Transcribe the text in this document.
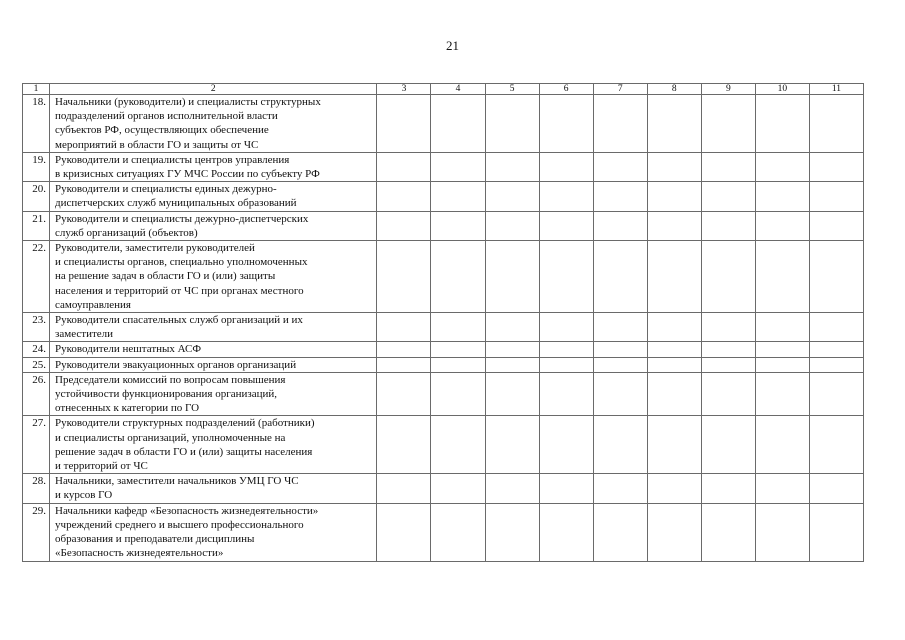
21
1	2	3	4	5	6	7	8	9	10	11
18.	Начальники (руководители) и специалисты структурных
подразделений органов исполнительной власти
субъектов РФ, осуществляющих обеспечение
мероприятий в области ГО и защиты от ЧС									

19.	Руководители и специалисты центров управления
в кризисных ситуациях ГУ МЧС России по субъекту РФ									

20.	Руководители и специалисты единых дежурно-
диспетчерских служб муниципальных образований									

21.	Руководители и специалисты дежурно-диспетчерских
служб организаций (объектов)									

22.	Руководители, заместители руководителей
и специалисты органов, специально уполномоченных
на решение задач в области ГО и (или) защиты
населения и территорий от ЧС при органах местного
самоуправления									

23.	Руководители спасательных служб организаций и их
заместители									

24.	Руководители нештатных АСФ									

25.	Руководители эвакуационных органов организаций									

26.	Председатели комиссий по вопросам повышения
устойчивости функционирования организаций,
отнесенных к категории по ГО									

27.	Руководители структурных подразделений (работники)
и специалисты организаций, уполномоченные на
решение задач в области ГО и (или) защиты населения
и территорий от ЧС									

28.	Начальники, заместители начальников УМЦ ГО ЧС
и курсов ГО									

29.	Начальники кафедр «Безопасность жизнедеятельности»
учреждений среднего и высшего профессионального
образования и преподаватели дисциплины
«Безопасность жизнедеятельности»									
